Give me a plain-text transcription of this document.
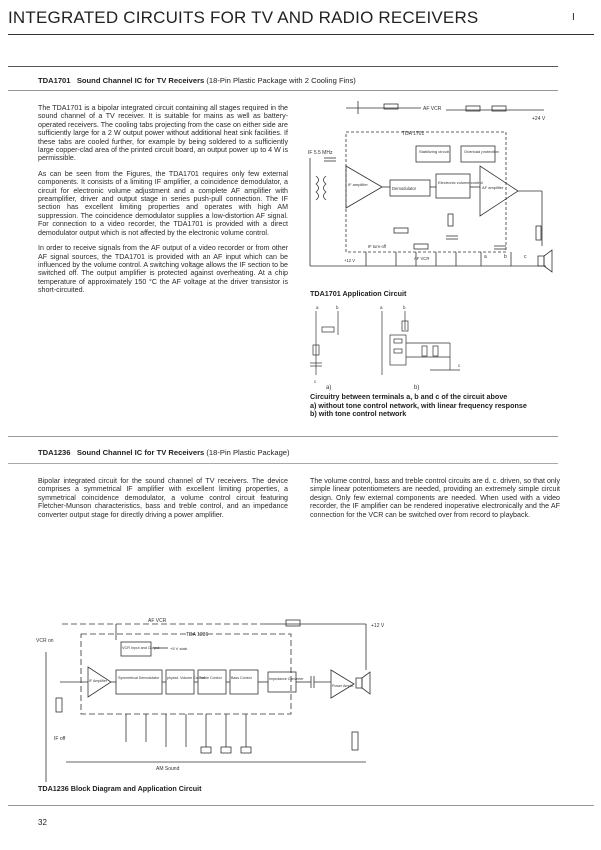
INTEGRATED CIRCUITS FOR TV AND RADIO RECEIVERS	I
TDA1701 Sound Channel IC for TV Receivers (18-Pin Plastic Package with 2 Cooling Fins)

The TDA1701 is a bipolar integrated circuit containing all stages required in the sound channel of a TV receiver. It is suitable for mains as well as battery-operated receivers. The cooling tabs projecting from the case on either side are sufficiently large for a 2 W output power without additional heat sink facilities. If these tabs are cooled further, for example by being soldered to a sufficiently large copper-clad area of the printed circuit board, an output power up to 4 W is permissible.

As can be seen from the Figures, the TDA1701 requires only few external components. It consists of a limiting IF amplifier, a coincidence demodulator, a circuit for electronic volume adjustment and a complete AF amplifier with preamplifier, driver and output stage in series push-pull connection. The IF section has excellent limiting properties and operates with high AM suppression. The coincidence demodulator supplies a low-distortion AF signal. For connection to a video recorder, the TDA1701 is provided with a direct demodulator output which is not affected by the electronic volume control.

In order to receive signals from the AF output of a video recorder or from other AF signal sources, the TDA1701 is provided with an AF input which can be influenced by the volume control. A switching voltage allows the IF section to be switched off. The output amplifier is protected against overheating. At a chip temperature of approximately 150 °C the AF voltage at the driver transistor is short-circuited.

AF VCR
TDA 1701
+24 V
IF 5.5 MHz	Stabilizing circuit	Overload protection
IF amplifier
Demodulator
Electronic volume control
AF amplifier
IF turn-off
AF VCR
+12 V
a	b	c
TDA1701 Application Circuit
a	b
c
a	b
c
a)	b)
Circuitry between terminals a, b and c of the circuit above
a) without tone control network, with linear frequency response
b) with tone control network
TDA1236 Sound Channel IC for TV Receivers (18-Pin Plastic Package)

Bipolar integrated circuit for the sound channel of TV receivers. The device comprises a symmetrical IF amplifier with excellent limiting properties, a symmetrical coincidence demodulator, a volume control circuit featuring Fletcher-Munson characteristics, bass and treble control, and an impedance converter output stage for directly driving a power amplifier.

The volume control, bass and treble control circuits are d. c. driven, so that only simple linear potentiometers are needed, providing an extremely simple circuit design. Only few external components are needed. When used with a video recorder, the IF amplifier can be rendered inoperative electronically and the AF connection for the VCR can be switched over from record to playback.

AF VCR
TDA 1236
+12 V
VCR on
IF off
AM Sound
+5 V stab.
VCR Input and Output
IF Amplifier
Symmetrical Demodulator physiol. Volume Control
Treble Control	Bass Control	Impedance Converter
Power Amplif.
TDA1236 Block Diagram and Application Circuit
32
